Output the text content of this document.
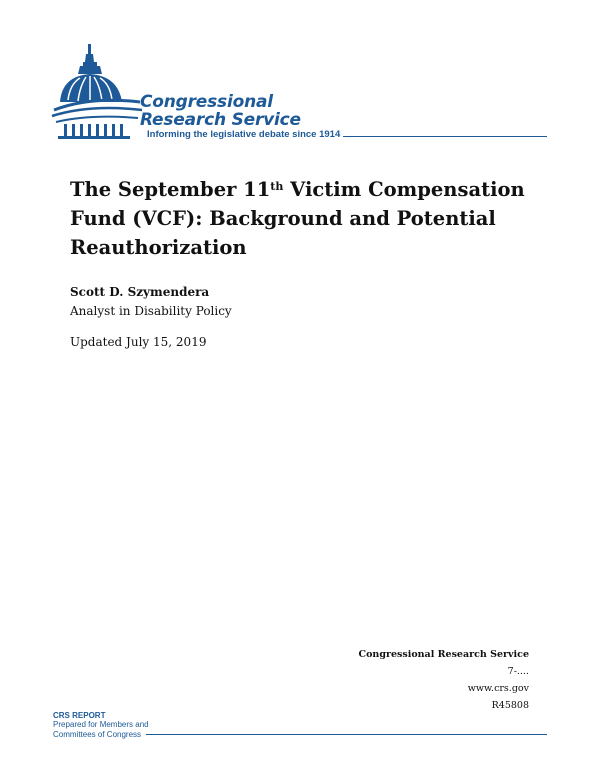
Congressional
Research Service
Informing the legislative debate since 1914
The September 11th Victim Compensation Fund (VCF): Background and Potential Reauthorization
Scott D. Szymendera
Analyst in Disability Policy
Updated July 15, 2019
Congressional Research Service
7-....
www.crs.gov
R45808
CRS REPORT
Prepared for Members and
Committees of Congress
